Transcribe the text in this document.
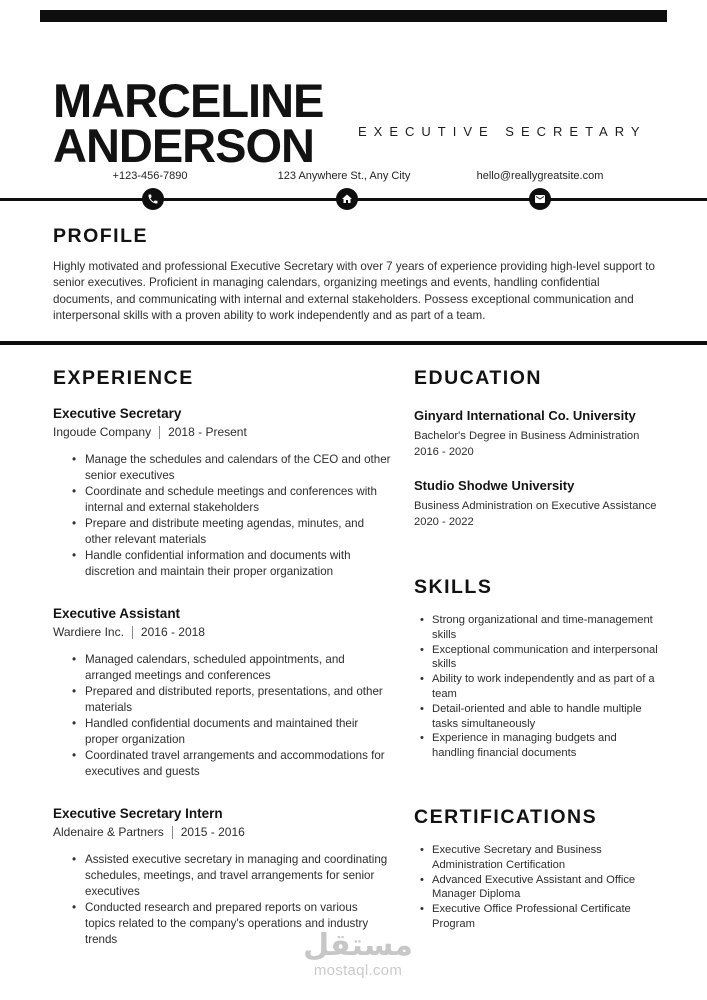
MARCELINE
ANDERSON	EXECUTIVE SECRETARY
+123-456-7890	123 Anywhere St., Any City	hello@reallygreatsite.com
PROFILE

Highly motivated and professional Executive Secretary with over 7 years of experience providing high-level support to senior executives. Proficient in managing calendars, organizing meetings and events, handling confidential documents, and communicating with internal and external stakeholders. Possess exceptional communication and interpersonal skills with a proven ability to work independently and as part of a team.

EXPERIENCE
Executive Secretary
Ingoude Company 2018 - Present
• Manage the schedules and calendars of the CEO and other senior executives
• Coordinate and schedule meetings and conferences with internal and external stakeholders
• Prepare and distribute meeting agendas, minutes, and other relevant materials
• Handle confidential information and documents with discretion and maintain their proper organization
Executive Assistant
Wardiere Inc. 2016 - 2018
• Managed calendars, scheduled appointments, and arranged meetings and conferences
• Prepared and distributed reports, presentations, and other materials
• Handled confidential documents and maintained their proper organization
• Coordinated travel arrangements and accommodations for executives and guests
Executive Secretary Intern
Aldenaire & Partners 2015 - 2016
• Assisted executive secretary in managing and coordinating schedules, meetings, and travel arrangements for senior executives
• Conducted research and prepared reports on various topics related to the company's operations and industry trends
EDUCATION
Ginyard International Co. University
Bachelor's Degree in Business Administration
2016 - 2020
Studio Shodwe University
Business Administration on Executive Assistance
2020 - 2022
SKILLS
• Strong organizational and time-management skills
• Exceptional communication and interpersonal skills
• Ability to work independently and as part of a team
• Detail-oriented and able to handle multiple tasks simultaneously
• Experience in managing budgets and handling financial documents
CERTIFICATIONS
• Executive Secretary and Business Administration Certification
• Advanced Executive Assistant and Office Manager Diploma
• Executive Office Professional Certificate Program
مستقل
mostaql.com
